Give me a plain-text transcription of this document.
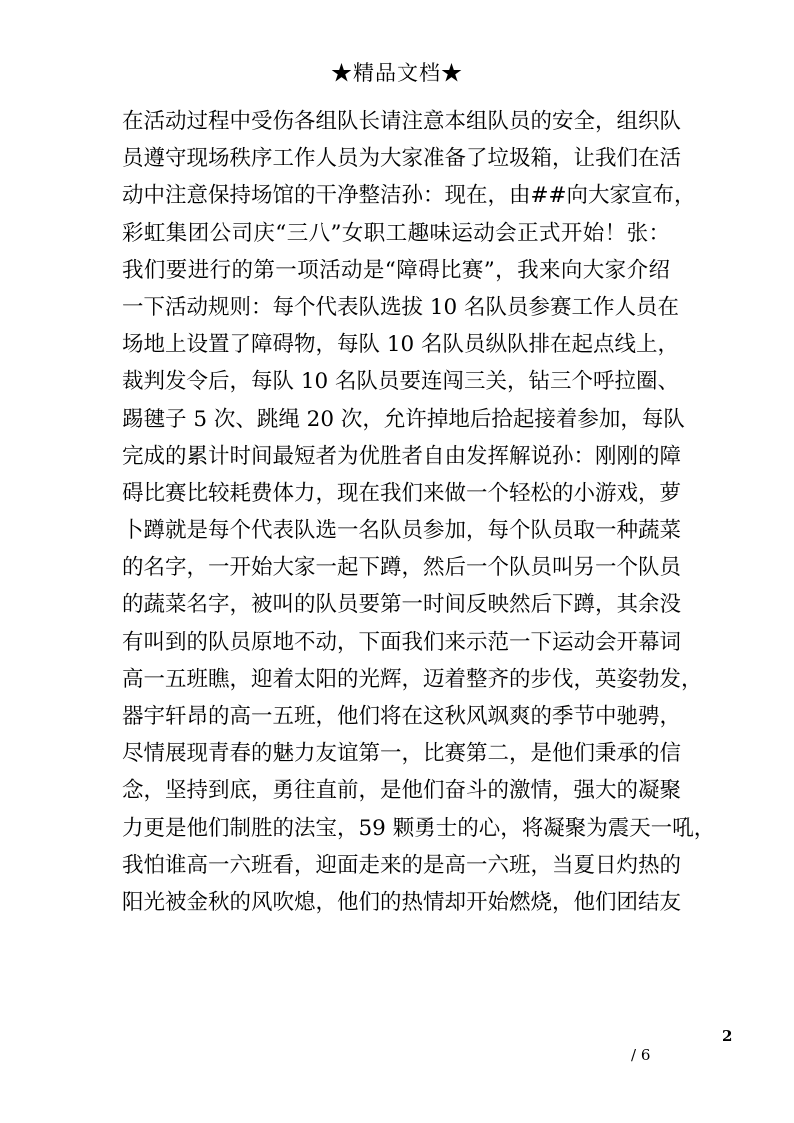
★精品文档★
在活动过程中受伤各组队长请注意本组队员的安全，组织队
员遵守现场秩序工作人员为大家准备了垃圾箱，让我们在活
动中注意保持场馆的干净整洁孙：现在，由##向大家宣布，
彩虹集团公司庆“三八”女职工趣味运动会正式开始！张：
我们要进行的第一项活动是“障碍比赛”，我来向大家介绍
一下活动规则：每个代表队选拔 10 名队员参赛工作人员在
场地上设置了障碍物，每队 10 名队员纵队排在起点线上，
裁判发令后，每队 10 名队员要连闯三关，钻三个呼拉圈、
踢毽子 5 次、跳绳 20 次，允许掉地后拾起接着参加，每队
完成的累计时间最短者为优胜者自由发挥解说孙：刚刚的障
碍比赛比较耗费体力，现在我们来做一个轻松的小游戏，萝
卜蹲就是每个代表队选一名队员参加，每个队员取一种蔬菜
的名字，一开始大家一起下蹲，然后一个队员叫另一个队员
的蔬菜名字，被叫的队员要第一时间反映然后下蹲，其余没
有叫到的队员原地不动，下面我们来示范一下运动会开幕词
高一五班瞧，迎着太阳的光辉，迈着整齐的步伐，英姿勃发，
器宇轩昂的高一五班，他们将在这秋风飒爽的季节中驰骋，
尽情展现青春的魅力友谊第一，比赛第二，是他们秉承的信
念，坚持到底，勇往直前，是他们奋斗的激情，强大的凝聚
力更是他们制胜的法宝，59 颗勇士的心，将凝聚为震天一吼，
我怕谁高一六班看，迎面走来的是高一六班，当夏日灼热的
阳光被金秋的风吹熄，他们的热情却开始燃烧，他们团结友
2
/ 6
